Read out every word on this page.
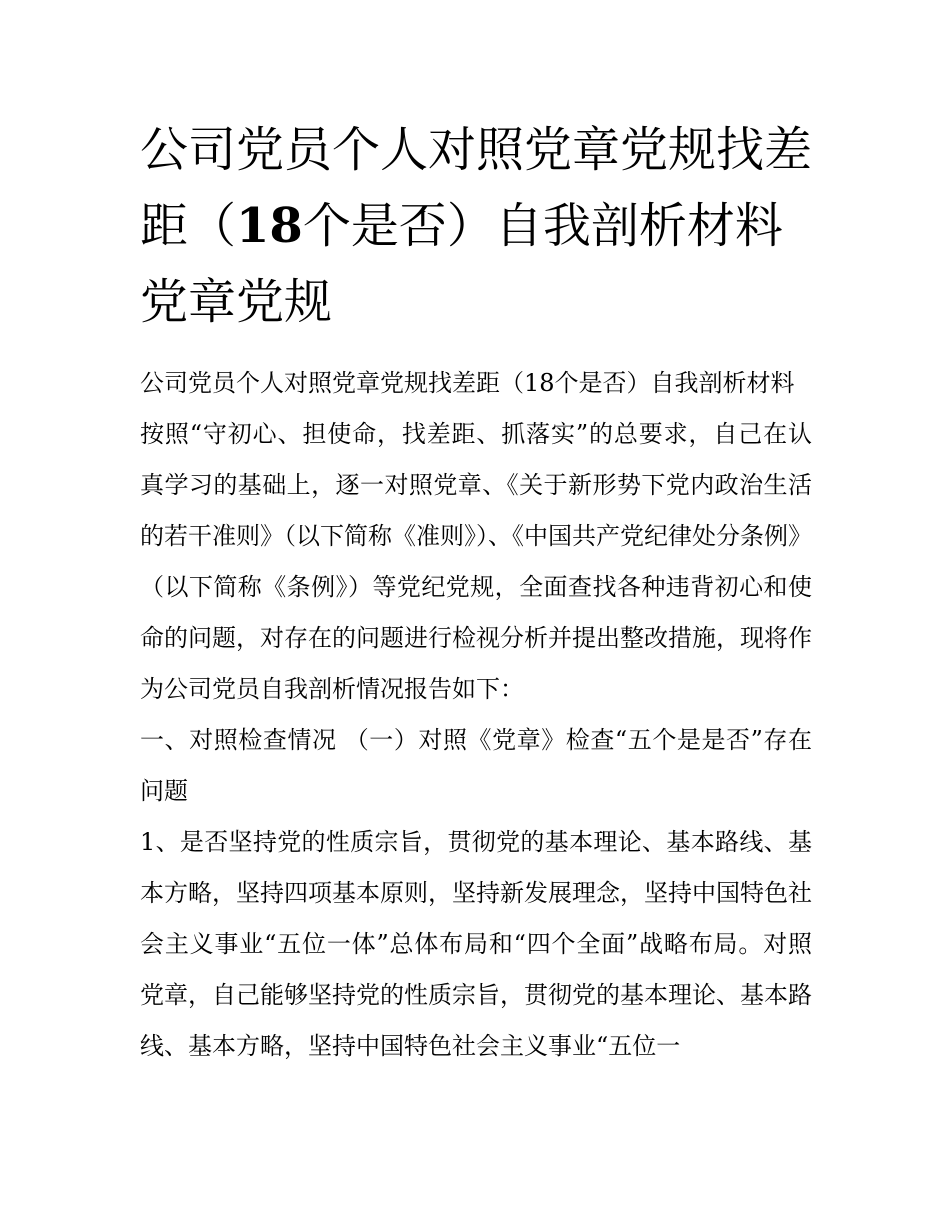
公司党员个人对照党章党规找差距（18个是否）自我剖析材料 党章党规

公司党员个人对照党章党规找差距（18个是否）自我剖析材料

按照“守初心、担使命，找差距、抓落实”的总要求，自己在认真学习的基础上，逐一对照党章、《关于新形势下党内政治生活的若干准则》（以下简称《准则》）、《中国共产党纪律处分条例》（以下简称《条例》）等党纪党规，全面查找各种违背初心和使命的问题，对存在的问题进行检视分析并提出整改措施，现将作为公司党员自我剖析情况报告如下：

一、对照检查情况 （一）对照《党章》检查“五个是是否”存在问题

1、是否坚持党的性质宗旨，贯彻党的基本理论、基本路线、基本方略，坚持四项基本原则，坚持新发展理念，坚持中国特色社会主义事业“五位一体”总体布局和“四个全面”战略布局。对照党章，自己能够坚持党的性质宗旨，贯彻党的基本理论、基本路线、基本方略，坚持中国特色社会主义事业“五位一
